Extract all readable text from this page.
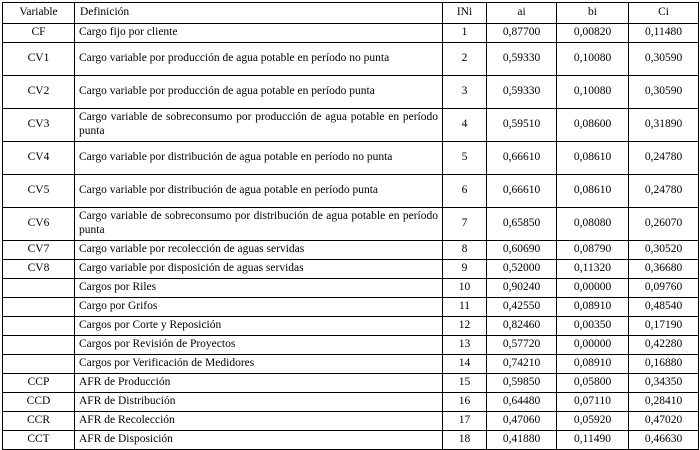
Variable	Definición	INi	ai	bi	Ci
CF	Cargo fijo por cliente	1	0,87700	0,00820	0,11480
CV1	Cargo variable por producción de agua potable en período no punta	2	0,59330	0,10080	0,30590
CV2	Cargo variable por producción de agua potable en período punta	3	0,59330	0,10080	0,30590
CV3	Cargo variable de sobreconsumo por producción de agua potable en período punta	4	0,59510	0,08600	0,31890
CV4	Cargo variable por distribución de agua potable en período no punta	5	0,66610	0,08610	0,24780
CV5	Cargo variable por distribución de agua potable en período punta	6	0,66610	0,08610	0,24780
CV6	Cargo variable de sobreconsumo por distribución de agua potable en período punta	7	0,65850	0,08080	0,26070
CV7	Cargo variable por recolección de aguas servidas	8	0,60690	0,08790	0,30520
CV8	Cargo variable por disposición de aguas servidas	9	0,52000	0,11320	0,36680
	Cargos por Riles	10	0,90240	0,00000	0,09760
	Cargo por Grifos	11	0,42550	0,08910	0,48540
	Cargos por Corte y Reposición	12	0,82460	0,00350	0,17190
	Cargos por Revisión de Proyectos	13	0,57720	0,00000	0,42280
	Cargos por Verificación de Medidores	14	0,74210	0,08910	0,16880
CCP	AFR de Producción	15	0,59850	0,05800	0,34350
CCD	AFR de Distribución	16	0,64480	0,07110	0,28410
CCR	AFR de Recolección	17	0,47060	0,05920	0,47020
CCT	AFR de Disposición	18	0,41880	0,11490	0,46630
